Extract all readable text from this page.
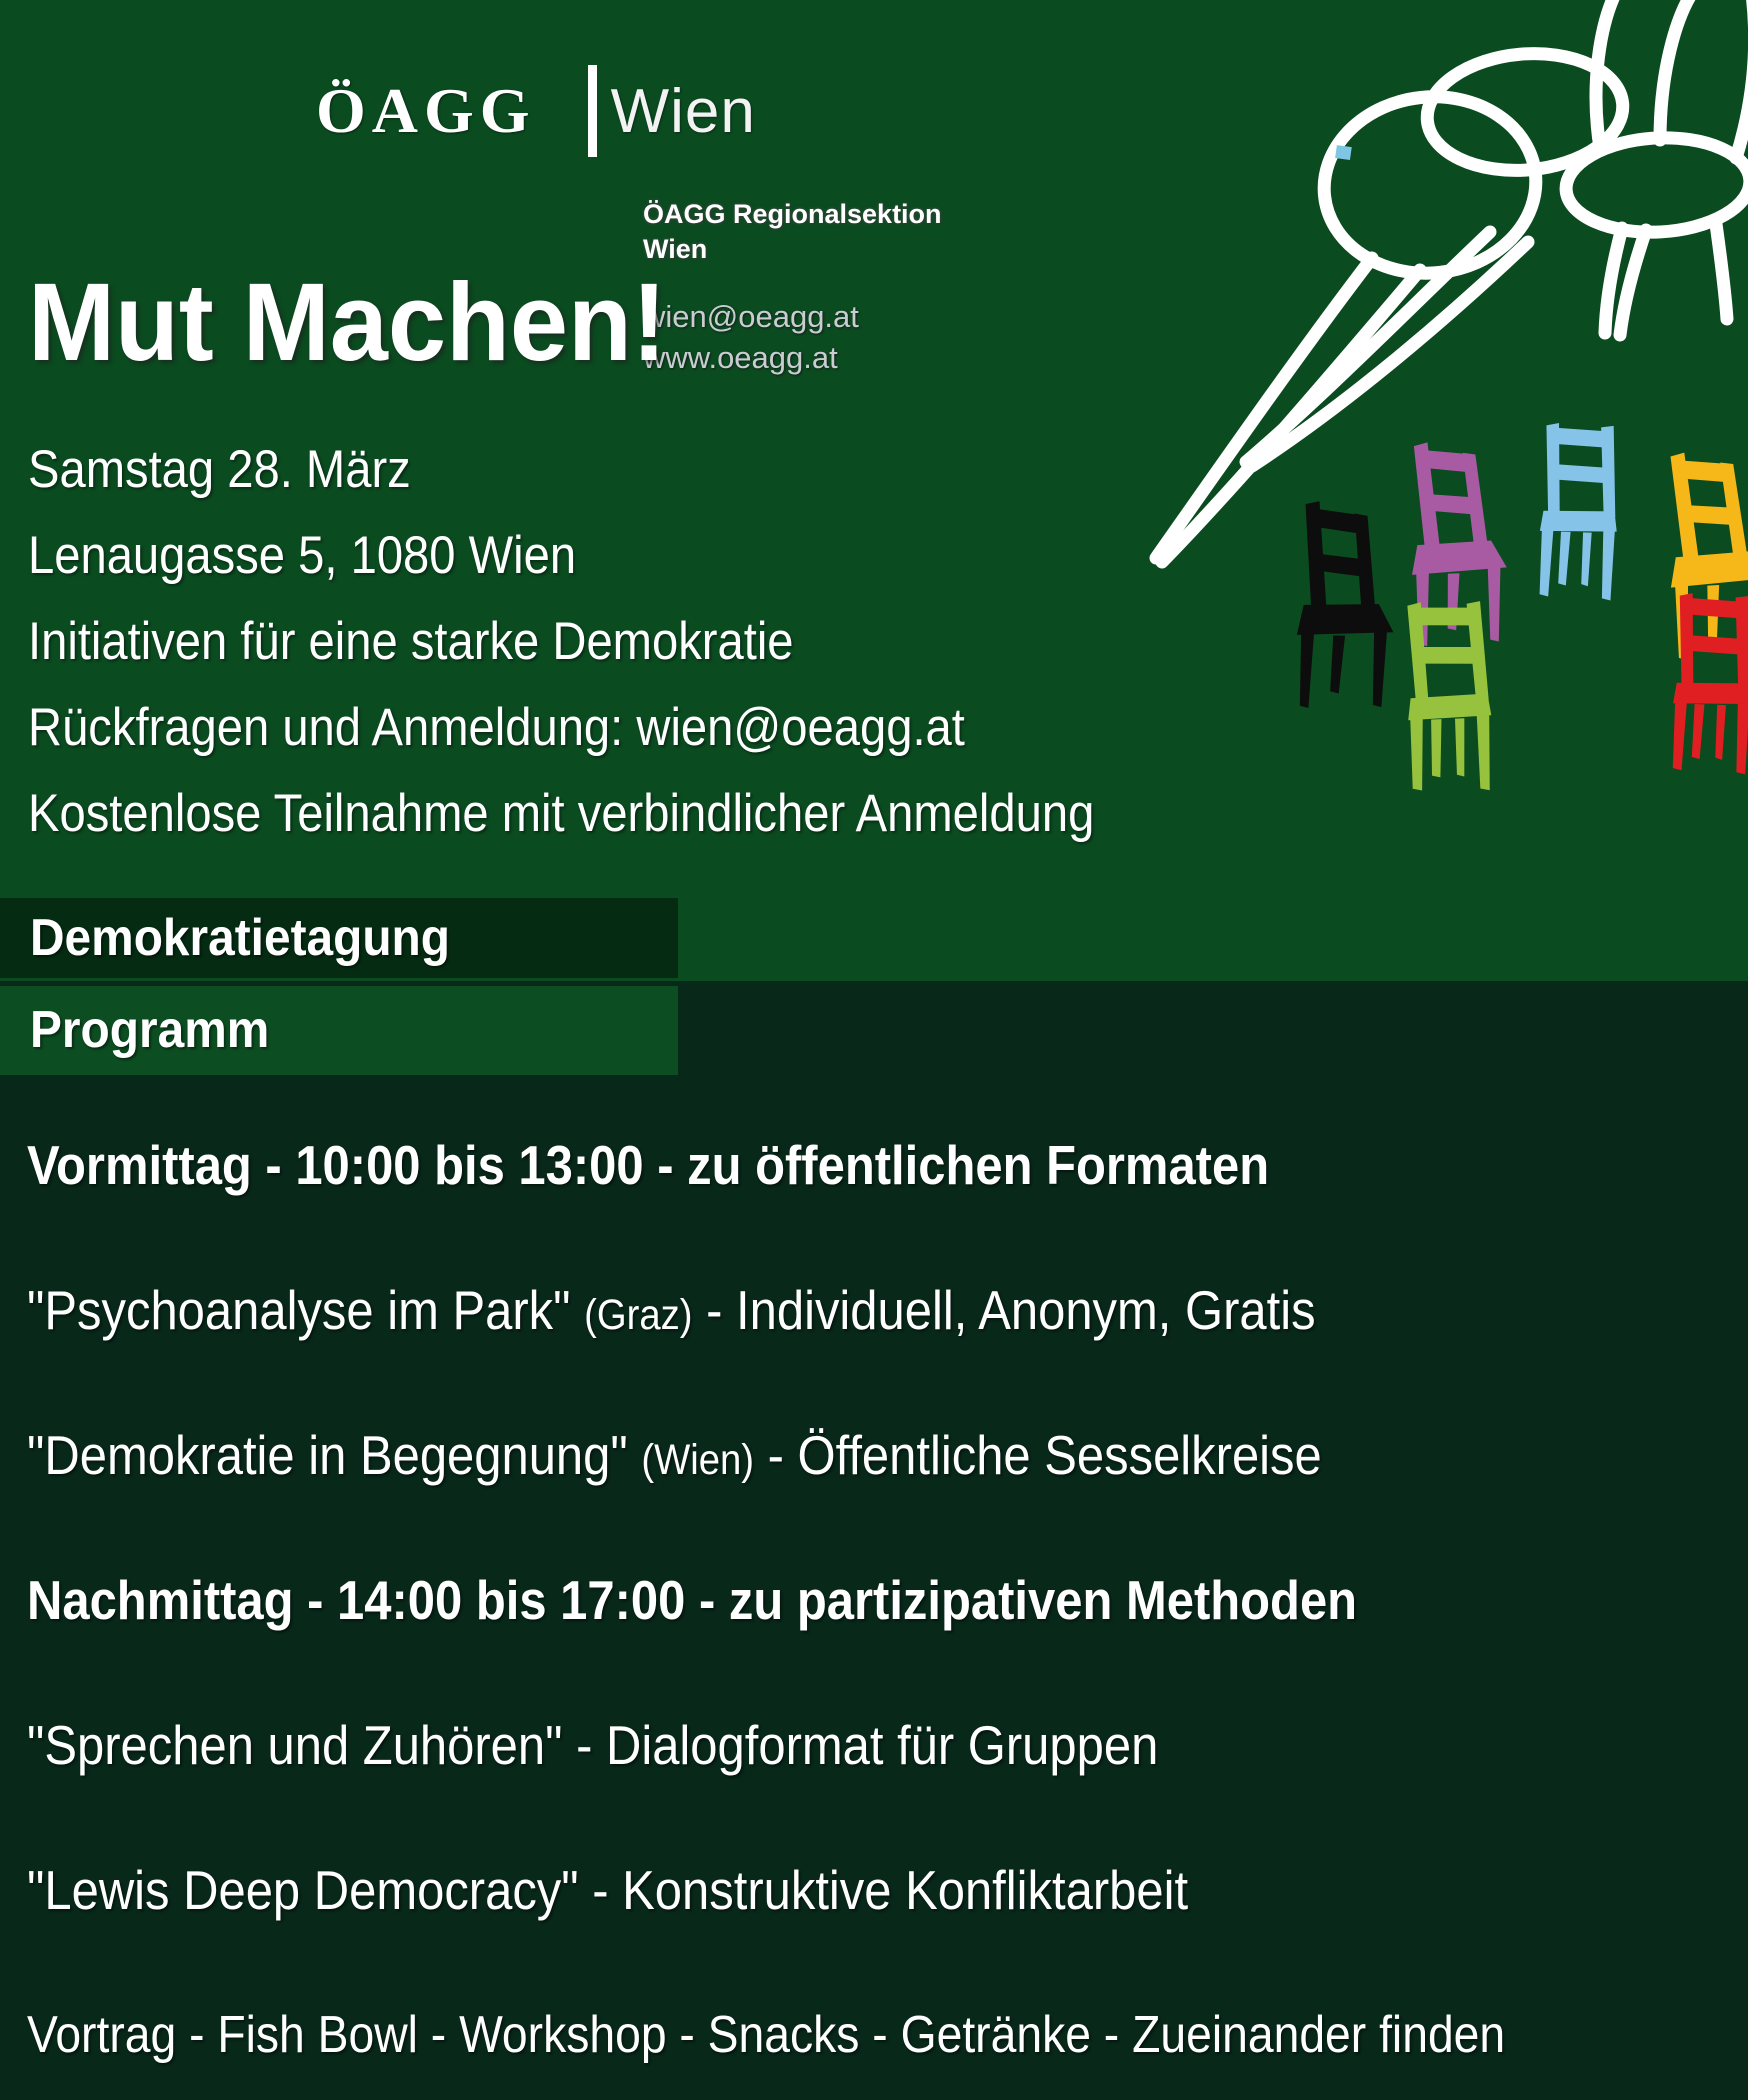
ÖAGG Wien
ÖAGG Regionalsektion
Wien
wien@oeagg.at
www.oeagg.at
Mut Machen!
Samstag 28. März
Lenaugasse 5, 1080 Wien
Initiativen für eine starke Demokratie
Rückfragen und Anmeldung: wien@oeagg.at
Kostenlose Teilnahme mit verbindlicher Anmeldung
Demokratietagung
Programm
Vormittag - 10:00 bis 13:00 - zu öffentlichen Formaten
"Psychoanalyse im Park" (Graz) - Individuell, Anonym, Gratis
"Demokratie in Begegnung" (Wien) - Öffentliche Sesselkreise
Nachmittag - 14:00 bis 17:00 - zu partizipativen Methoden
"Sprechen und Zuhören" - Dialogformat für Gruppen
"Lewis Deep Democracy" - Konstruktive Konfliktarbeit
Vortrag - Fish Bowl - Workshop - Snacks - Getränke - Zueinander finden
